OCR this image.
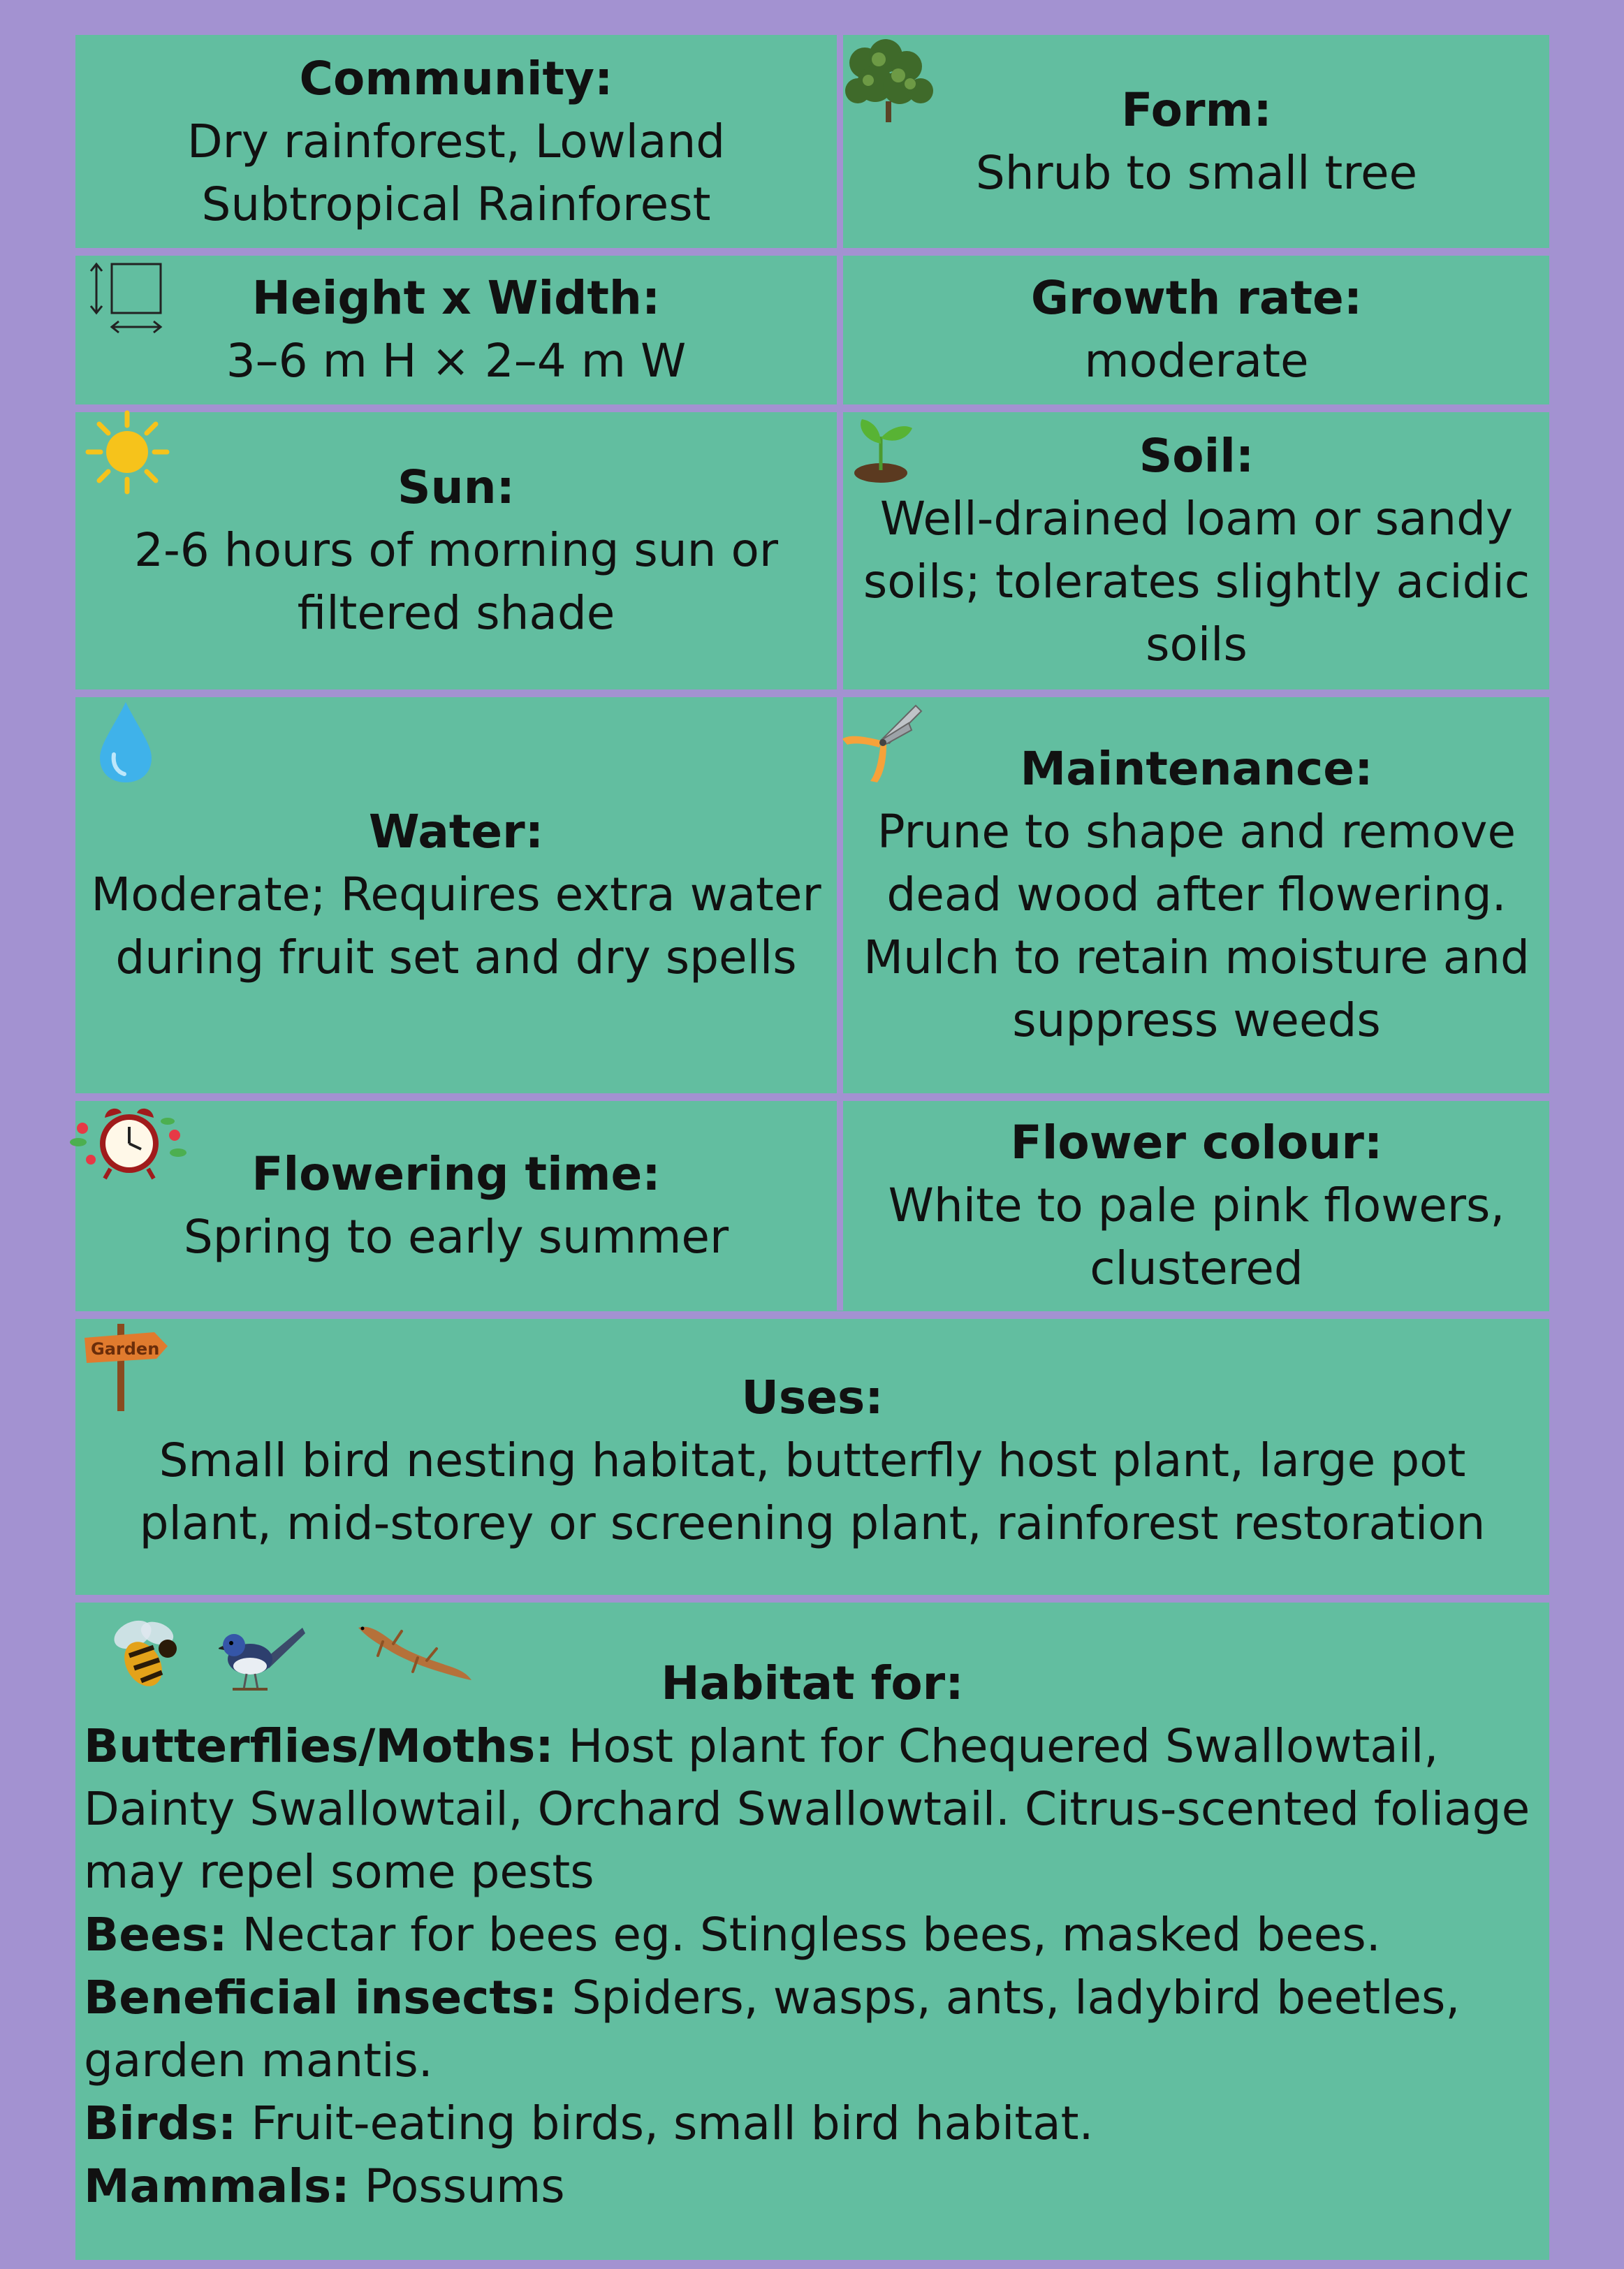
Community:
Dry rainforest, Lowland Subtropical Rainforest
Form:
Shrub to small tree
Height x Width:
3–6 m H × 2–4 m W
Growth rate:
moderate
Sun:
2-6 hours of morning sun or filtered shade
Soil:
Well-drained loam or sandy soils; tolerates slightly acidic soils
Water:
Moderate; Requires extra water during fruit set and dry spells
Maintenance:
Prune to shape and remove dead wood after flowering. Mulch to retain moisture and suppress weeds
Flowering time:
Spring to early summer
Flower colour:
White to pale pink flowers, clustered
Uses:
Small bird nesting habitat, butterfly host plant, large pot plant, mid-storey or screening plant, rainforest restoration
Habitat for:
Butterflies/Moths: Host plant for Chequered Swallowtail, Dainty Swallowtail, Orchard Swallowtail. Citrus-scented foliage may repel some pests
Bees: Nectar for bees eg. Stingless bees, masked bees.
Beneficial insects: Spiders, wasps, ants, ladybird beetles, garden mantis.
Birds: Fruit-eating birds, small bird habitat.
Mammals: Possums
Garden
